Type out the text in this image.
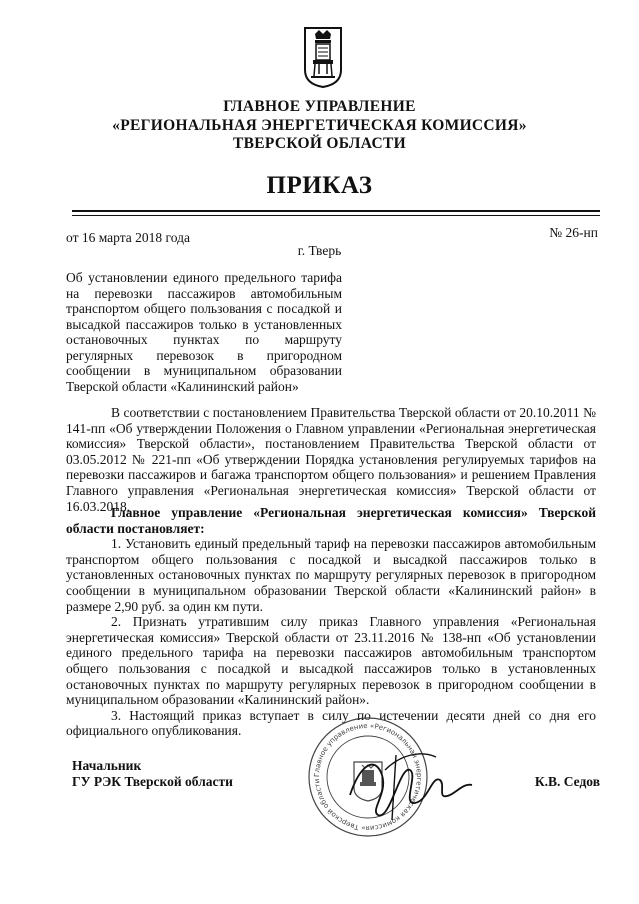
ГЛАВНОЕ УПРАВЛЕНИЕ
«РЕГИОНАЛЬНАЯ ЭНЕРГЕТИЧЕСКАЯ КОМИССИЯ»
ТВЕРСКОЙ ОБЛАСТИ
ПРИКАЗ
от 16 марта 2018 года	№ 26-нп
г. Тверь

Об установлении единого предельного тарифа на перевозки пассажиров автомобильным транспортом общего пользования с посадкой и высадкой пассажиров только в установленных остановочных пунктах по маршруту регулярных перевозок в пригородном сообщении в муниципальном образовании Тверской области «Калининский район»

В соответствии с постановлением Правительства Тверской области от 20.10.2011 № 141-пп «Об утверждении Положения о Главном управлении «Региональная энергетическая комиссия» Тверской области», постановлением Правительства Тверской области от 03.05.2012 № 221-пп «Об утверждении Порядка установления регулируемых тарифов на перевозки пассажиров и багажа транспортом общего пользования» и решением Правления Главного управления «Региональная энергетическая комиссия» Тверской области от 16.03.2018,

Главное управление «Региональная энергетическая комиссия» Тверской области постановляет:

1. Установить единый предельный тариф на перевозки пассажиров автомобильным транспортом общего пользования с посадкой и высадкой пассажиров только в установленных остановочных пунктах по маршруту регулярных перевозок в пригородном сообщении в муниципальном образовании Тверской области «Калининский район» в размере 2,90 руб. за один км пути.

2. Признать утратившим силу приказ Главного управления «Региональная энергетическая комиссия» Тверской области от 23.11.2016 № 138-нп «Об установлении единого предельного тарифа на перевозки пассажиров автомобильным транспортом общего пользования с посадкой и высадкой пассажиров только в установленных остановочных пунктах по маршруту регулярных перевозок в пригородном сообщении в муниципальном образовании «Калининский район».

3. Настоящий приказ вступает в силу по истечении десяти дней со дня его официального опубликования.

Главное управление «Региональная энергетическая комиссия» Тверской области
Начальник
ГУ РЭК Тверской области	К.В. Седов
